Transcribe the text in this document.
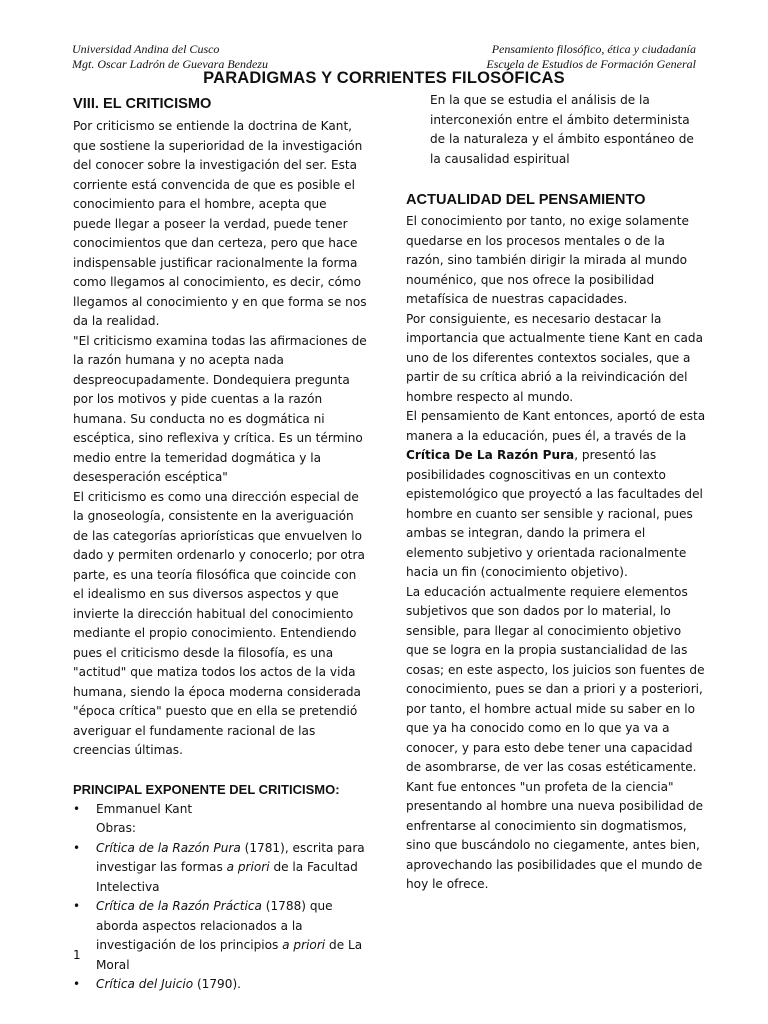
Universidad Andina del Cusco
Mgt. Oscar Ladrón de Guevara Bendezu
Pensamiento filosófico, ética y ciudadanía
Escuela de Estudios de Formación General
PARADIGMAS Y CORRIENTES FILOSÓFICAS
VIII. EL CRITICISMO

Por criticismo se entiende la doctrina de Kant, que sostiene la superioridad de la investigación del conocer sobre la investigación del ser. Esta corriente está convencida de que es posible el conocimiento para el hombre, acepta que puede llegar a poseer la verdad, puede tener conocimientos que dan certeza, pero que hace indispensable justificar racionalmente la forma como llegamos al conocimiento, es decir, cómo llegamos al conocimiento y en que forma se nos da la realidad.

"El criticismo examina todas las afirmaciones de la razón humana y no acepta nada despreocupadamente. Dondequiera pregunta por los motivos y pide cuentas a la razón humana. Su conducta no es dogmática ni escéptica, sino reflexiva y crítica. Es un término medio entre la temeridad dogmática y la desesperación escéptica"

El criticismo es como una dirección especial de la gnoseología, consistente en la averiguación de las categorías apriorísticas que envuelven lo dado y permiten ordenarlo y conocerlo; por otra parte, es una teoría filosófica que coincide con el idealismo en sus diversos aspectos y que invierte la dirección habitual del conocimiento mediante el propio conocimiento. Entendiendo pues el criticismo desde la filosofía, es una "actitud" que matiza todos los actos de la vida humana, siendo la época moderna considerada "época crítica" puesto que en ella se pretendió averiguar el fundamente racional de las creencias últimas.

PRINCIPAL EXPONENTE DEL CRITICISMO:
• Emmanuel Kant
Obras:
• Crítica de la Razón Pura (1781), escrita para investigar las formas a priori de la Facultad Intelectiva
• Crítica de la Razón Práctica (1788) que aborda aspectos relacionados a la investigación de los principios a priori de La Moral
• Crítica del Juicio (1790).

En la que se estudia el análisis de la interconexión entre el ámbito determinista de la naturaleza y el ámbito espontáneo de la causalidad espiritual

ACTUALIDAD DEL PENSAMIENTO

El conocimiento por tanto, no exige solamente quedarse en los procesos mentales o de la razón, sino también dirigir la mirada al mundo nouménico, que nos ofrece la posibilidad metafísica de nuestras capacidades.

Por consiguiente, es necesario destacar la importancia que actualmente tiene Kant en cada uno de los diferentes contextos sociales, que a partir de su crítica abrió a la reivindicación del hombre respecto al mundo.

El pensamiento de Kant entonces, aportó de esta manera a la educación, pues él, a través de la Crítica De La Razón Pura, presentó las posibilidades cognoscitivas en un contexto epistemológico que proyectó a las facultades del hombre en cuanto ser sensible y racional, pues ambas se integran, dando la primera el elemento subjetivo y orientada racionalmente hacia un fin (conocimiento objetivo).

La educación actualmente requiere elementos subjetivos que son dados por lo material, lo sensible, para llegar al conocimiento objetivo que se logra en la propia sustancialidad de las cosas; en este aspecto, los juicios son fuentes de conocimiento, pues se dan a priori y a posteriori, por tanto, el hombre actual mide su saber en lo que ya ha conocido como en lo que ya va a conocer, y para esto debe tener una capacidad de asombrarse, de ver las cosas estéticamente.

Kant fue entonces "un profeta de la ciencia" presentando al hombre una nueva posibilidad de enfrentarse al conocimiento sin dogmatismos, sino que buscándolo no ciegamente, antes bien, aprovechando las posibilidades que el mundo de hoy le ofrece.

1
